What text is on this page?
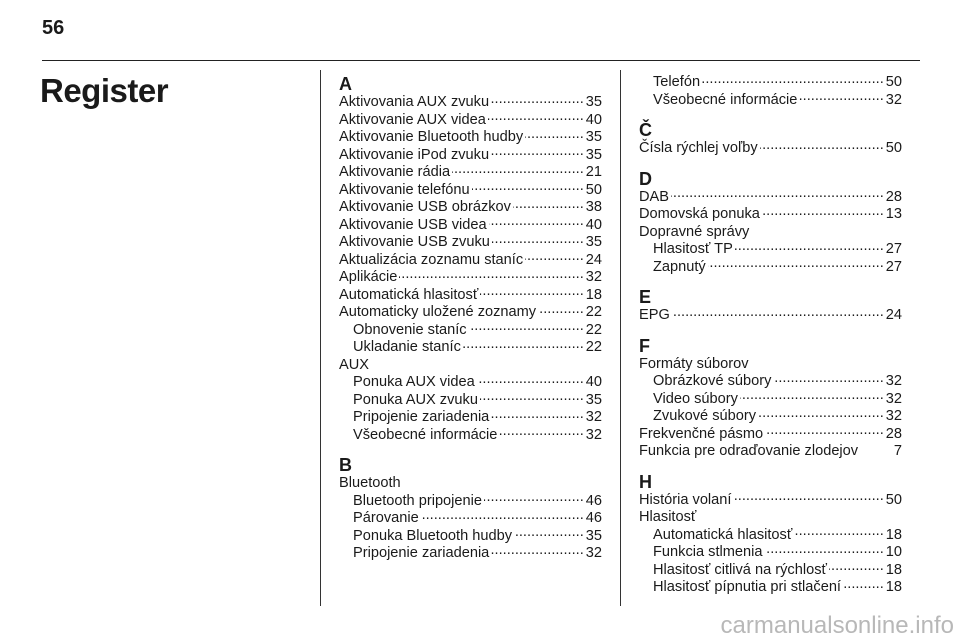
56
Register	A
Aktivovania AUX zvuku .....	35
Aktivovanie AUX videa .....	40
Aktivovanie Bluetooth hudby .....	35
Aktivovanie iPod zvuku .....	35
Aktivovanie rádia .....	21
Aktivovanie telefónu .....	50
Aktivovanie USB obrázkov .....	38
Aktivovanie USB videa .....	40
Aktivovanie USB zvuku .....	35
Aktualizácia zoznamu staníc .....	24
Aplikácie .....	32
Automatická hlasitosť .....	18
Automaticky uložené zoznamy .....	22
Obnovenie staníc .....	22
Ukladanie staníc .....	22
AUX
Ponuka AUX videa .....	40
Ponuka AUX zvuku .....	35
Pripojenie zariadenia .....	32
Všeobecné informácie .....	32
B
Bluetooth
Bluetooth pripojenie .....	46
Párovanie .....	46
Ponuka Bluetooth hudby .....	35
Pripojenie zariadenia .....	32
Telefón .....	50
Všeobecné informácie .....	32
Č
Čísla rýchlej voľby .....	50
D
DAB .....	28
Domovská ponuka .....	13
Dopravné správy
Hlasitosť TP .....	27
Zapnutý .....	27
E
EPG .....	24
F
Formáty súborov
Obrázkové súbory .....	32
Video súbory .....	32
Zvukové súbory .....	32
Frekvenčné pásmo .....	28
Funkcia pre odraďovanie zlodejov 7
H
História volaní .....	50
Hlasitosť
Automatická hlasitosť .....	18
Funkcia stlmenia .....	10
Hlasitosť citlivá na rýchlosť .....	18
Hlasitosť pípnutia pri stlačení .....	18
carmanualsonline.info
